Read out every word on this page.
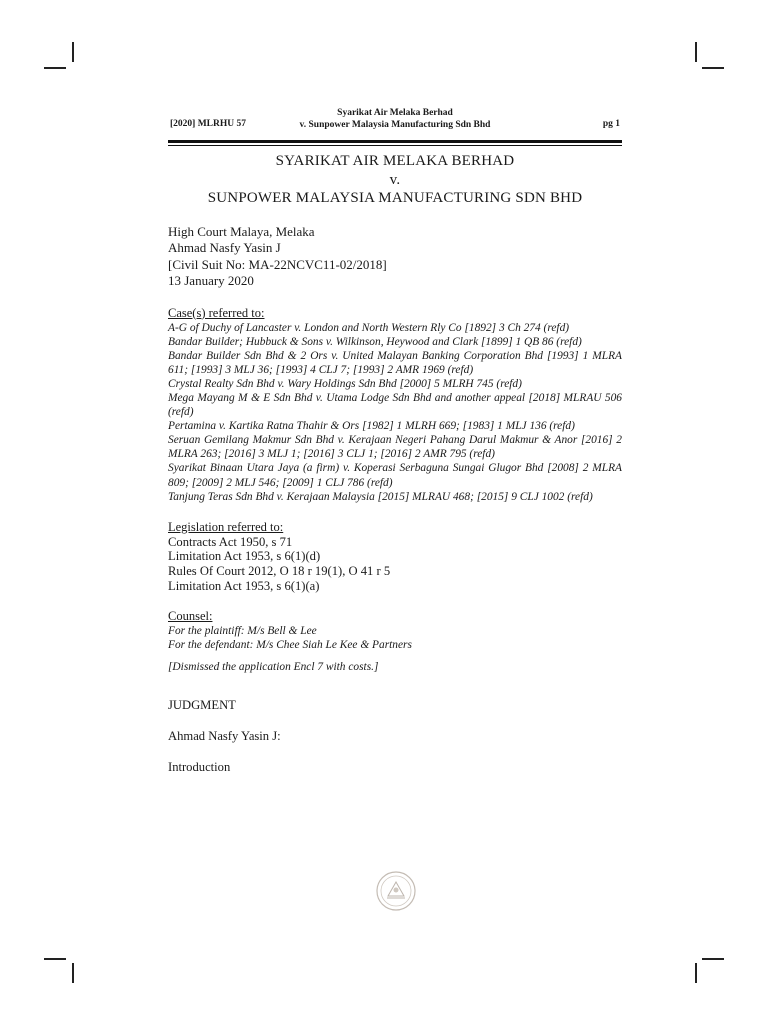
[2020] MLRHU 57
Syarikat Air Melaka Berhad
v. Sunpower Malaysia Manufacturing Sdn Bhd	pg 1
SYARIKAT AIR MELAKA BERHAD
v.
SUNPOWER MALAYSIA MANUFACTURING SDN BHD
High Court Malaya, Melaka
Ahmad Nasfy Yasin J
[Civil Suit No: MA-22NCVC11-02/2018]
13 January 2020
Case(s) referred to:
A-G of Duchy of Lancaster v. London and North Western Rly Co [1892] 3 Ch 274 (refd)
Bandar Builder; Hubbuck & Sons v. Wilkinson, Heywood and Clark [1899] 1 QB 86 (refd)
Bandar Builder Sdn Bhd & 2 Ors v. United Malayan Banking Corporation Bhd [1993] 1 MLRA 611; [1993] 3 MLJ 36; [1993] 4 CLJ 7; [1993] 2 AMR 1969 (refd)
Crystal Realty Sdn Bhd v. Wary Holdings Sdn Bhd [2000] 5 MLRH 745 (refd)
Mega Mayang M & E Sdn Bhd v. Utama Lodge Sdn Bhd and another appeal [2018] MLRAU 506 (refd)
Pertamina v. Kartika Ratna Thahir & Ors [1982] 1 MLRH 669; [1983] 1 MLJ 136 (refd)
Seruan Gemilang Makmur Sdn Bhd v. Kerajaan Negeri Pahang Darul Makmur & Anor [2016] 2 MLRA 263; [2016] 3 MLJ 1; [2016] 3 CLJ 1; [2016] 2 AMR 795 (refd)
Syarikat Binaan Utara Jaya (a firm) v. Koperasi Serbaguna Sungai Glugor Bhd [2008] 2 MLRA 809; [2009] 2 MLJ 546; [2009] 1 CLJ 786 (refd)
Tanjung Teras Sdn Bhd v. Kerajaan Malaysia [2015] MLRAU 468; [2015] 9 CLJ 1002 (refd)
Legislation referred to:
Contracts Act 1950, s 71
Limitation Act 1953, s 6(1)(d)
Rules Of Court 2012, O 18 r 19(1), O 41 r 5
Limitation Act 1953, s 6(1)(a)
Counsel:
For the plaintiff: M/s Bell & Lee
For the defendant: M/s Chee Siah Le Kee & Partners
[Dismissed the application Encl 7 with costs.]
JUDGMENT
Ahmad Nasfy Yasin J:
Introduction
